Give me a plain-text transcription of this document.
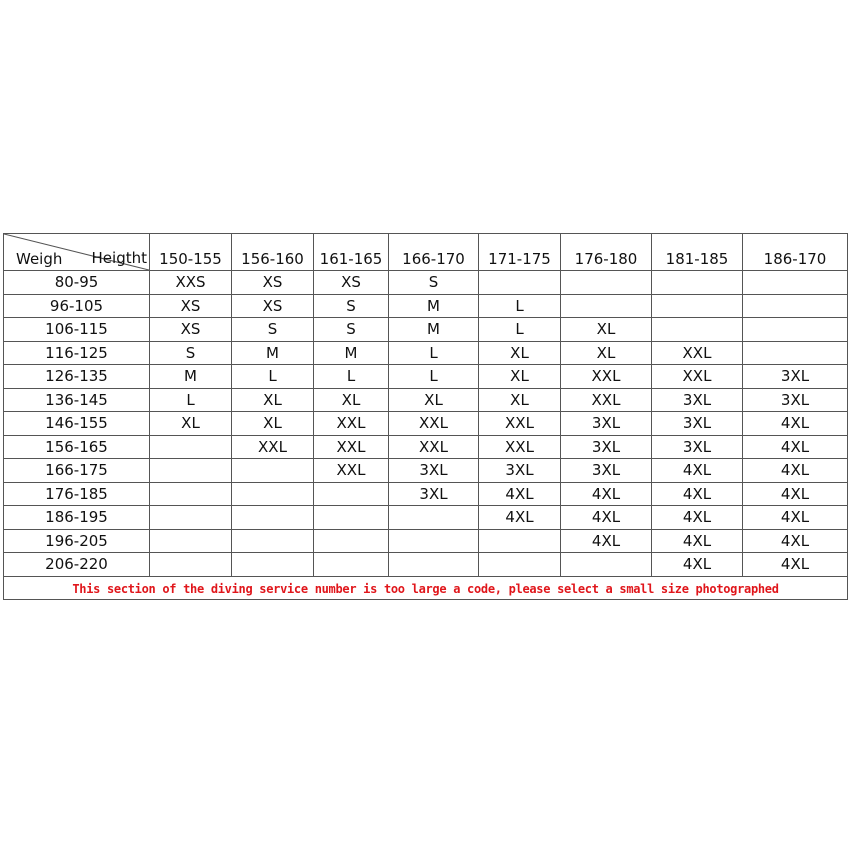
Weigh Heigtht	150-155	156-160	161-165	166-170	171-175	176-180	181-185	186-170
80-95	XXS	XS	XS	S				
96-105	XS	XS	S	M	L			
106-115	XS	S	S	M	L	XL		
116-125	S	M	M	L	XL	XL	XXL	
126-135	M	L	L	L	XL	XXL	XXL	3XL
136-145	L	XL	XL	XL	XL	XXL	3XL	3XL
146-155	XL	XL	XXL	XXL	XXL	3XL	3XL	4XL
156-165		XXL	XXL	XXL	XXL	3XL	3XL	4XL
166-175			XXL	3XL	3XL	3XL	4XL	4XL
176-185				3XL	4XL	4XL	4XL	4XL
186-195					4XL	4XL	4XL	4XL
196-205						4XL	4XL	4XL
206-220							4XL	4XL

This section of the diving service number is too large a code, please select a small size photographed								
